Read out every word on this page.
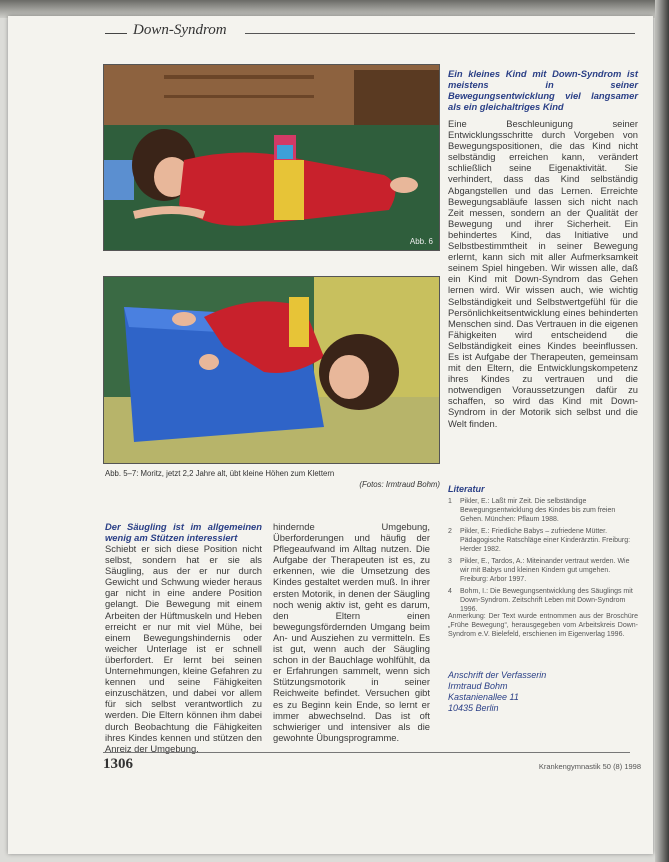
Down-Syndrom
Abb. 6
Abb. 5–7: Moritz, jetzt 2,2 Jahre alt, übt kleine Höhen zum Klettern
(Fotos: Irmtraud Bohm)

Der Säugling ist im allgemeinen wenig am Stützen interessiert

Schiebt er sich diese Position nicht selbst, sondern hat er sie als Säugling, aus der er nur durch Gewicht und Schwung wieder heraus gar nicht in eine andere Position gelangt. Die Bewegung mit einem Arbeiten der Hüftmuskeln und Heben erreicht er nur mit viel Mühe, bei einem Bewegungshindernis oder weicher Unterlage ist er schnell überfordert. Er lernt bei seinen Unternehmungen, kleine Gefahren zu kennen und seine Fähigkeiten einzuschätzen, und dabei vor allem für sich selbst verantwortlich zu werden. Die Eltern können ihm dabei durch Beobachtung die Fähigkeiten ihres Kindes kennen und stützen den Anreiz der Umgebung.

hindernde Umgebung, Überforderungen und häufig der Pflegeaufwand im Alltag nutzen. Die Aufgabe der Therapeuten ist es, zu erkennen, wie die Umsetzung des Kindes gestaltet werden muß. In ihrer ersten Motorik, in denen der Säugling noch wenig aktiv ist, geht es darum, den Eltern einen bewegungsfördernden Umgang beim An- und Ausziehen zu vermitteln. Es ist gut, wenn auch der Säugling schon in der Bauchlage wohlfühlt, da er Erfahrungen sammelt, wenn sich Stützungsmotorik in seiner Reichweite befindet. Versuchen gibt es zu Beginn kein Ende, so lernt er immer abwechselnd. Das ist oft schwieriger und intensiver als die gewohnte Übungsprogramme.

Ein kleines Kind mit Down-Syndrom ist meistens in seiner Bewegungsentwicklung viel langsamer als ein gleichaltriges Kind

Eine Beschleunigung seiner Entwicklungsschritte durch Vorgeben von Bewegungspositionen, die das Kind nicht selbständig erreichen kann, verändert schließlich seine Eigenaktivität. Sie verhindert, dass das Kind selbständig Abgangstellen und das Lernen. Erreichte Bewegungsabläufe lassen sich nicht nach Zeit messen, sondern an der Qualität der Bewegung und ihrer Sicherheit. Ein behindertes Kind, das Initiative und Selbstbestimmtheit in seiner Bewegung erlernt, kann sich mit aller Aufmerksamkeit seinem Spiel hingeben. Wir wissen alle, daß ein Kind mit Down-Syndrom das Gehen lernen wird. Wir wissen auch, wie wichtig Selbständigkeit und Selbstwertgefühl für die Persönlichkeitsentwicklung eines behinderten Menschen sind. Das Vertrauen in die eigenen Fähigkeiten wird entscheidend die Selbständigkeit eines Kindes beeinflussen. Es ist Aufgabe der Therapeuten, gemeinsam mit den Eltern, die Entwicklungskompetenz ihres Kindes zu vertrauen und die notwendigen Voraussetzungen dafür zu schaffen, so wird das Kind mit Down-Syndrom in der Motorik sich selbst und die Welt finden.

Literatur
1	Pikler, E.: Laßt mir Zeit. Die selbständige Bewegungsentwicklung des Kindes bis zum freien Gehen. München: Pflaum 1988.
2	Pikler, E.: Friedliche Babys – zufriedene Mütter. Pädagogische Ratschläge einer Kinderärztin. Freiburg: Herder 1982.
3	Pikler, E., Tardos, A.: Miteinander vertraut werden. Wie wir mit Babys und kleinen Kindern gut umgehen. Freiburg: Arbor 1997.
4	Bohm, I.: Die Bewegungsentwicklung des Säuglings mit Down-Syndrom. Zeitschrift Leben mit Down-Syndrom 1996.
Anmerkung: Der Text wurde entnommen aus der Broschüre „Frühe Bewegung“, herausgegeben vom Arbeitskreis Down-Syndrom e.V. Bielefeld, erschienen im Eigenverlag 1996.
Anschrift der Verfasserin
Irmtraud Bohm
Kastanienallee 11
10435 Berlin
1306	Krankengymnastik 50 (8) 1998
